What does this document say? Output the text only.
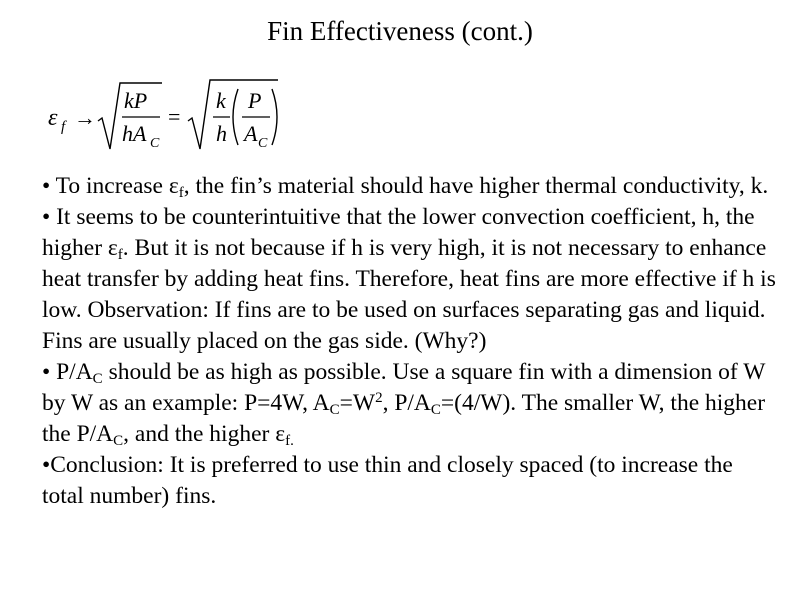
Fin Effectiveness (cont.)
ε f →
kP
hA C
=
k
h
P
A C

• To increase $\varepsilon_f$, the fin’s material should have higher thermal conductivity, k.

• It seems to be counterintuitive that the lower convection coefficient, h, the higher $\varepsilon_f$. But it is not because if h is very high, it is not necessary to enhance heat transfer by adding heat fins. Therefore, heat fins are more effective if h is low. Observation: If fins are to be used on surfaces separating gas and liquid. Fins are usually placed on the gas side. (Why?)

• $P/A_C$ should be as high as possible. Use a square fin with a dimension of W by W as an example: P=4W, $A_C=W^2$, $P/A_C=(4/W)$. The smaller W, the higher the $P/A_C$, and the higher $\varepsilon_{f.}$

•Conclusion: It is preferred to use thin and closely spaced (to increase the total number) fins.
